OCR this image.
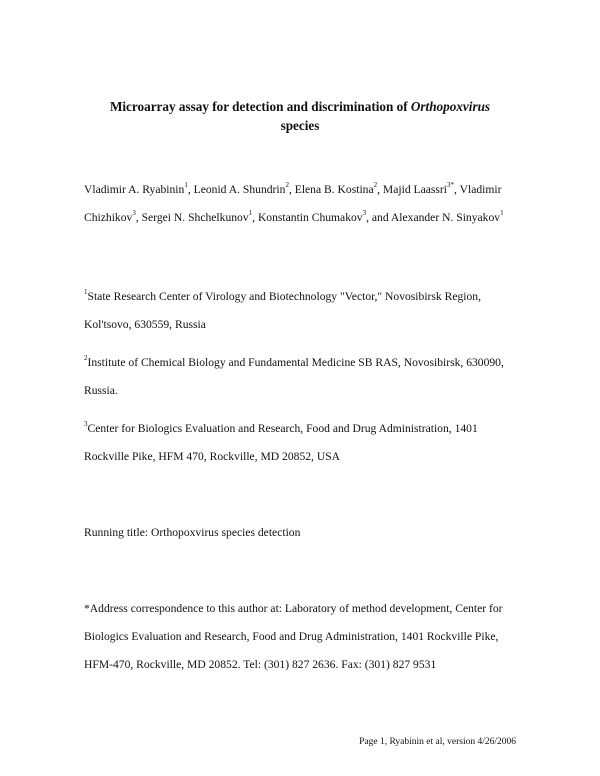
Microarray assay for detection and discrimination of Orthopoxvirus
species
Vladimir A. Ryabinin$^1$, Leonid A. Shundrin$^2$, Elena B. Kostina$^2$, Majid Laassri$^{3*}$, Vladimir
Chizhikov$^3$, Sergei N. Shchelkunov$^1$, Konstantin Chumakov$^3$, and Alexander N. Sinyakov$^1$
$^1$State Research Center of Virology and Biotechnology "Vector," Novosibirsk Region,
Kol'tsovo, 630559, Russia
$^2$Institute of Chemical Biology and Fundamental Medicine SB RAS, Novosibirsk, 630090,
Russia.
$^3$Center for Biologics Evaluation and Research, Food and Drug Administration, 1401
Rockville Pike, HFM 470, Rockville, MD 20852, USA
Running title: Orthopoxvirus species detection
*Address correspondence to this author at: Laboratory of method development, Center for
Biologics Evaluation and Research, Food and Drug Administration, 1401 Rockville Pike,
HFM-470, Rockville, MD 20852. Tel: (301) 827 2636. Fax: (301) 827 9531
Page 1, Ryabinin et al, version 4/26/2006
